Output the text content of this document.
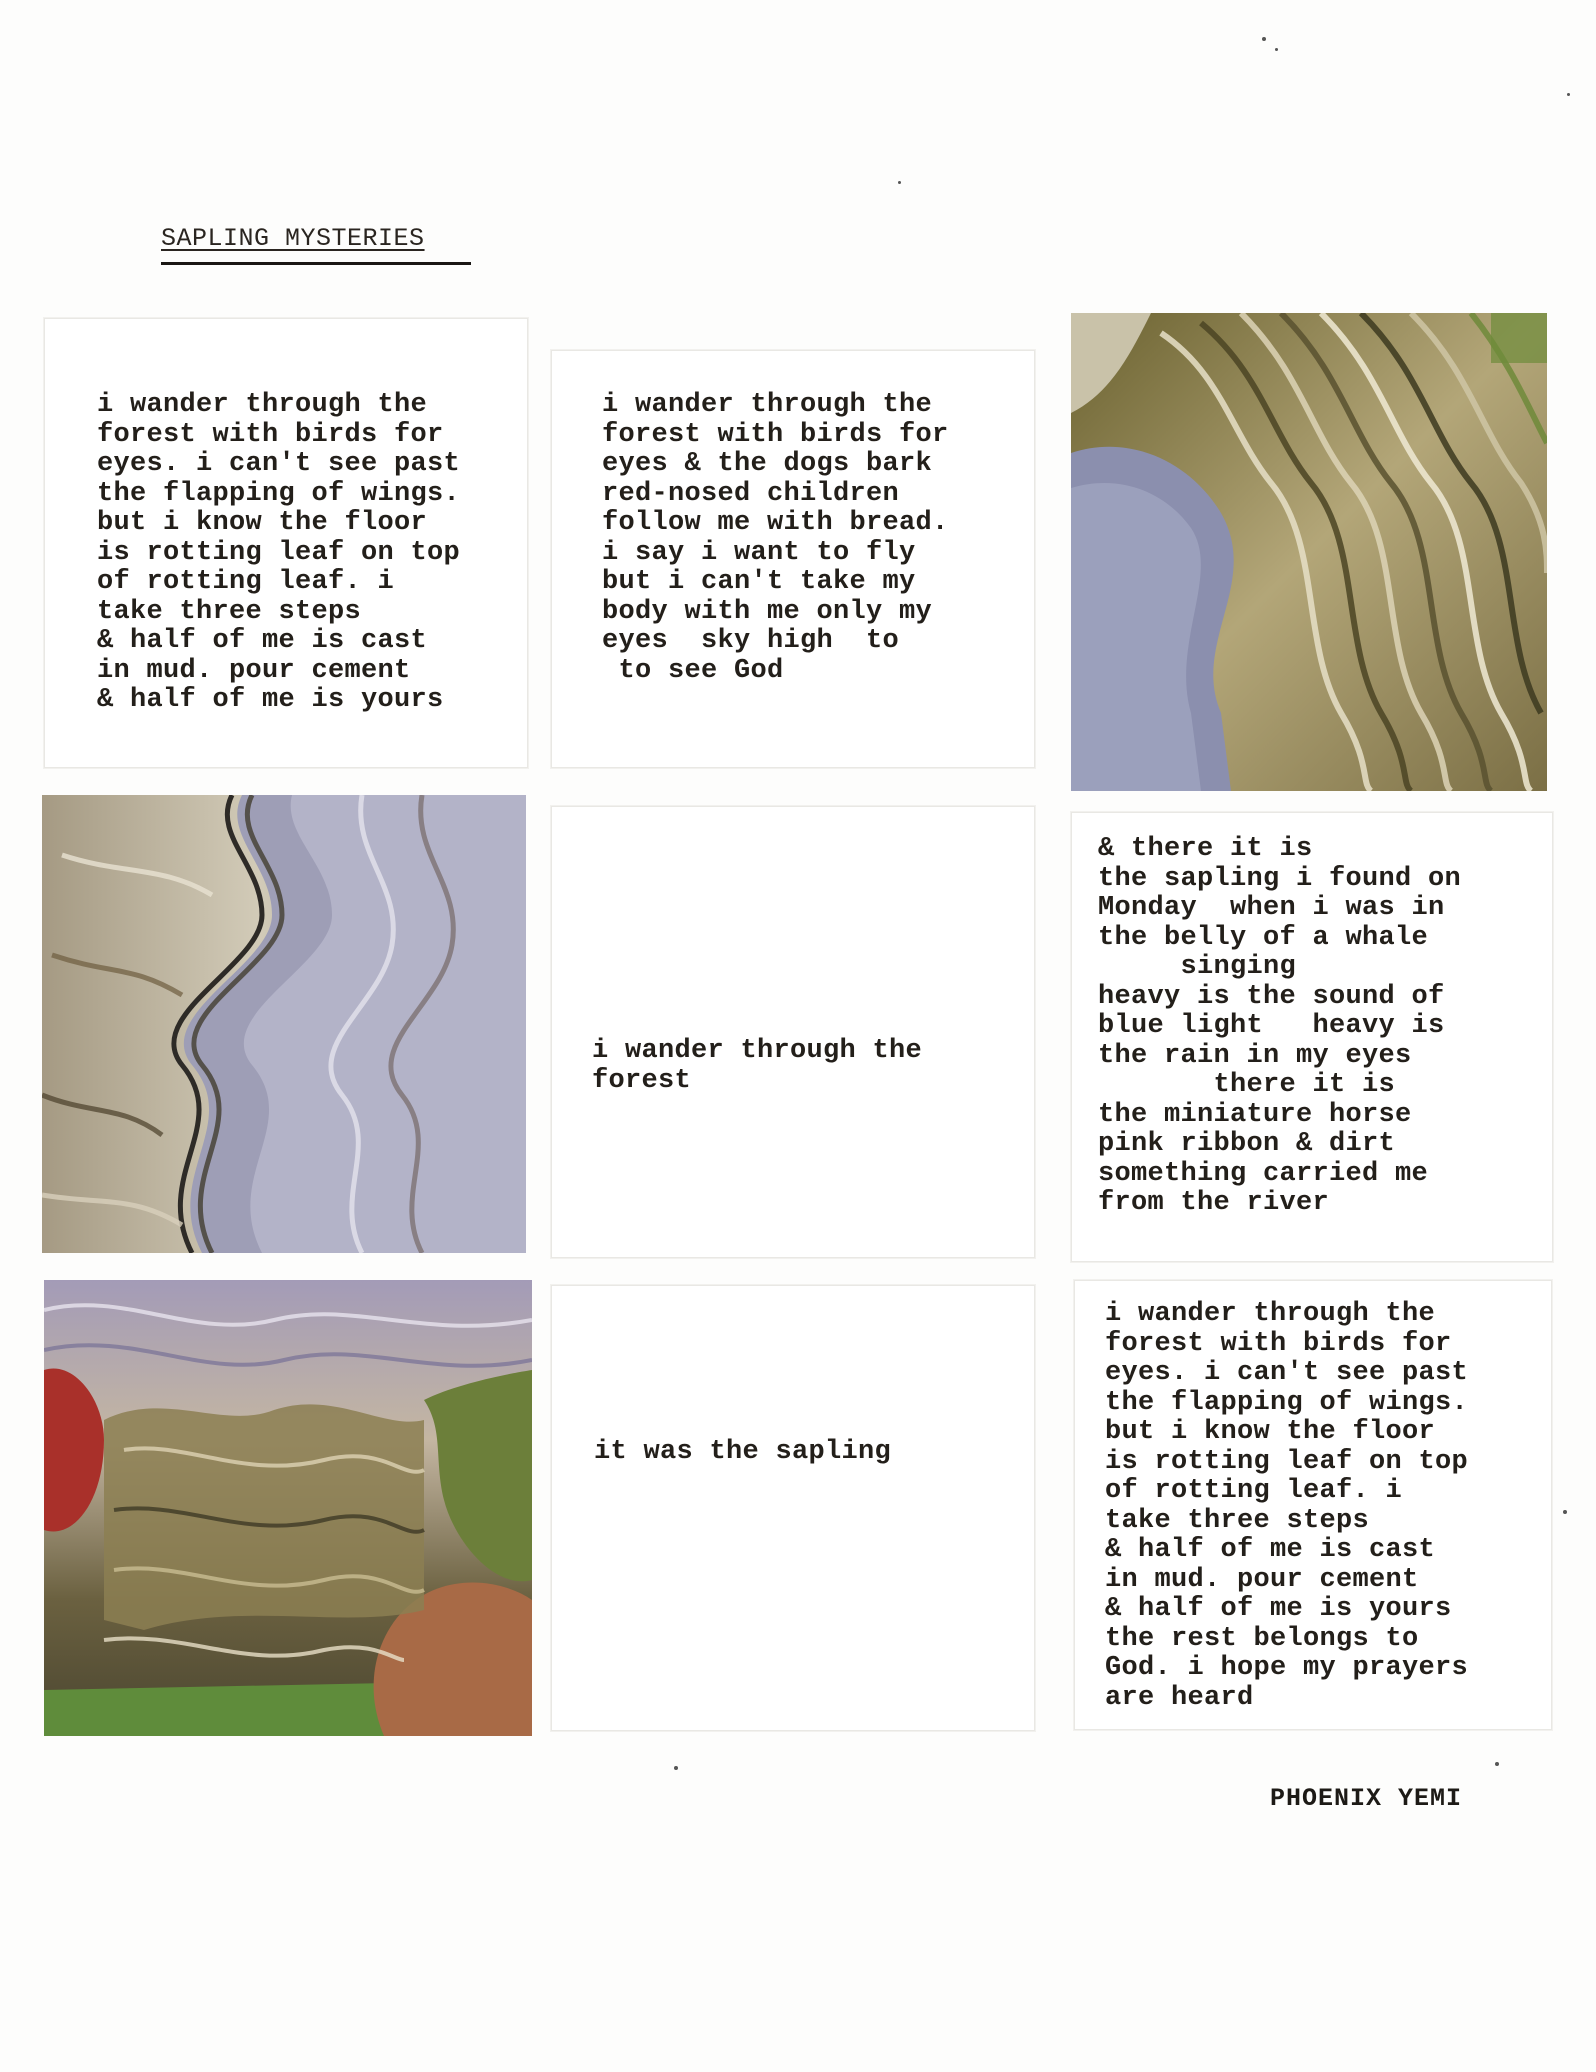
SAPLING MYSTERIES
i wander through the
forest with birds for
eyes. i can't see past
the flapping of wings.
but i know the floor
is rotting leaf on top
of rotting leaf. i
take three steps
& half of me is cast
in mud. pour cement
& half of me is yours
i wander through the
forest with birds for
eyes & the dogs bark
red-nosed children
follow me with bread.
i say i want to fly
but i can't take my
body with me only my
eyes  sky high  to
to see God
i wander through the
forest
& there it is
the sapling i found on
Monday  when i was in
the belly of a whale
singing
heavy is the sound of
blue light   heavy is
the rain in my eyes
there it is
the miniature horse
pink ribbon & dirt
something carried me
from the river
it was the sapling
i wander through the
forest with birds for
eyes. i can't see past
the flapping of wings.
but i know the floor
is rotting leaf on top
of rotting leaf. i
take three steps
& half of me is cast
in mud. pour cement
& half of me is yours
the rest belongs to
God. i hope my prayers
are heard
PHOENIX YEMI
